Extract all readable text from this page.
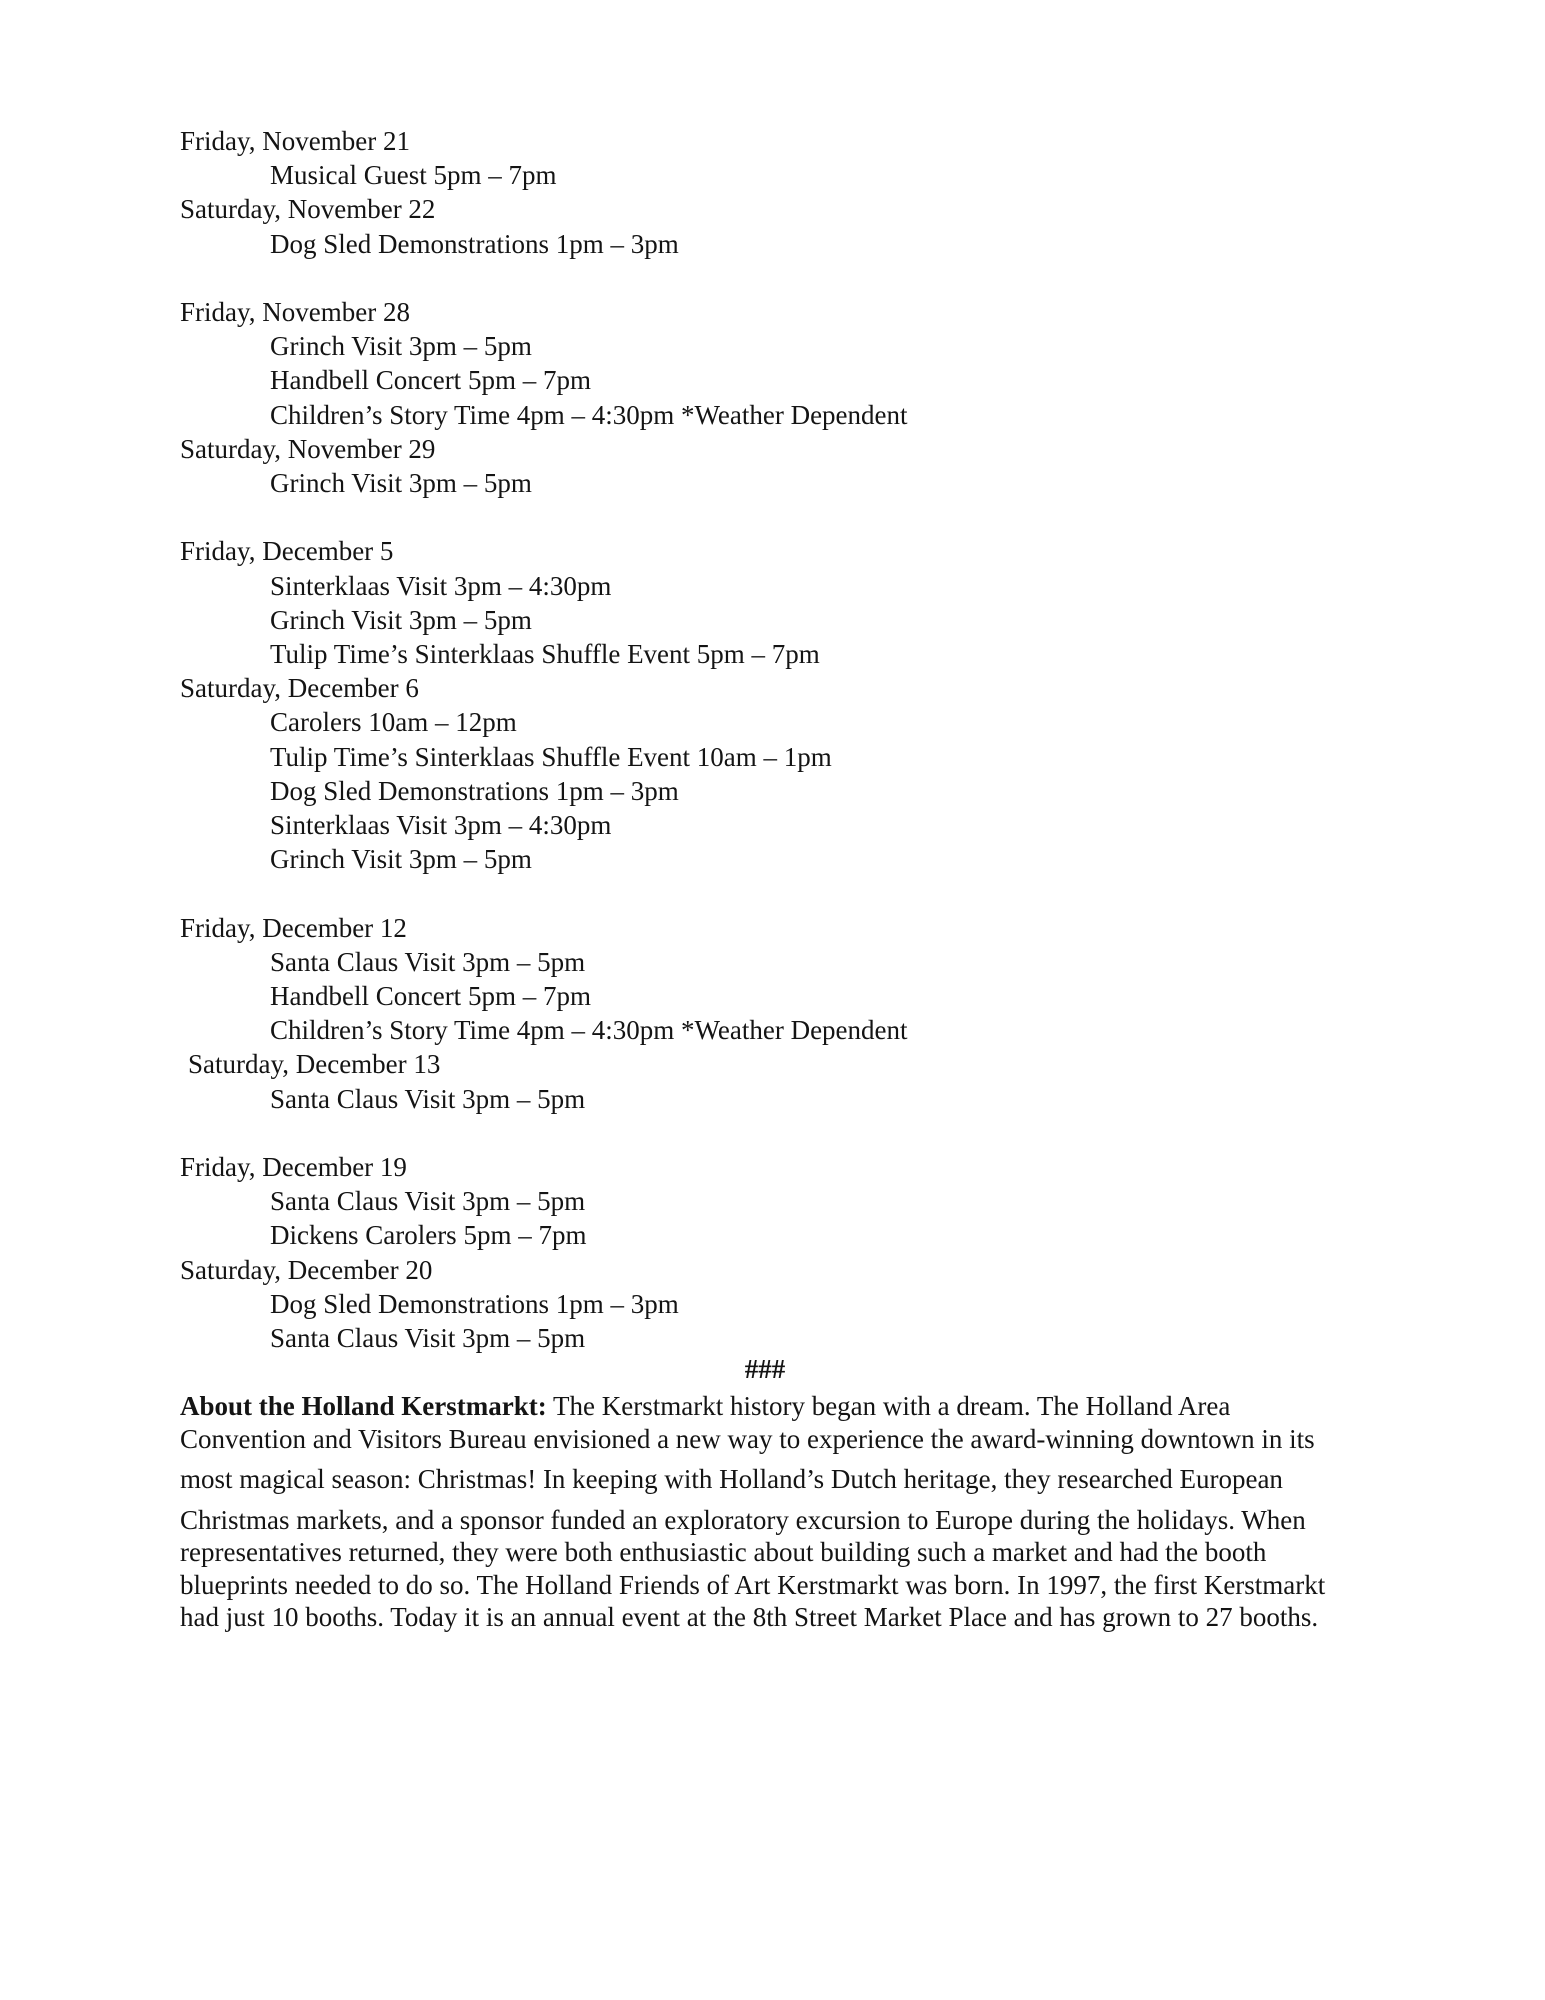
Friday, November 21
Musical Guest 5pm – 7pm
Saturday, November 22
Dog Sled Demonstrations 1pm – 3pm
Friday, November 28
Grinch Visit 3pm – 5pm
Handbell Concert 5pm – 7pm
Children’s Story Time 4pm – 4:30pm *Weather Dependent
Saturday, November 29
Grinch Visit 3pm – 5pm
Friday, December 5
Sinterklaas Visit 3pm – 4:30pm
Grinch Visit 3pm – 5pm
Tulip Time’s Sinterklaas Shuffle Event 5pm – 7pm
Saturday, December 6
Carolers 10am – 12pm
Tulip Time’s Sinterklaas Shuffle Event 10am – 1pm
Dog Sled Demonstrations 1pm – 3pm
Sinterklaas Visit 3pm – 4:30pm
Grinch Visit 3pm – 5pm
Friday, December 12
Santa Claus Visit 3pm – 5pm
Handbell Concert 5pm – 7pm
Children’s Story Time 4pm – 4:30pm *Weather Dependent
Saturday, December 13
Santa Claus Visit 3pm – 5pm
Friday, December 19
Santa Claus Visit 3pm – 5pm
Dickens Carolers 5pm – 7pm
Saturday, December 20
Dog Sled Demonstrations 1pm – 3pm
Santa Claus Visit 3pm – 5pm
###
About the Holland Kerstmarkt: The Kerstmarkt history began with a dream. The Holland Area
Convention and Visitors Bureau envisioned a new way to experience the award-winning downtown in its
most magical season: Christmas! In keeping with Holland’s Dutch heritage, they researched European
Christmas markets, and a sponsor funded an exploratory excursion to Europe during the holidays. When
representatives returned, they were both enthusiastic about building such a market and had the booth
blueprints needed to do so. The Holland Friends of Art Kerstmarkt was born. In 1997, the first Kerstmarkt
had just 10 booths. Today it is an annual event at the 8th Street Market Place and has grown to 27 booths.
